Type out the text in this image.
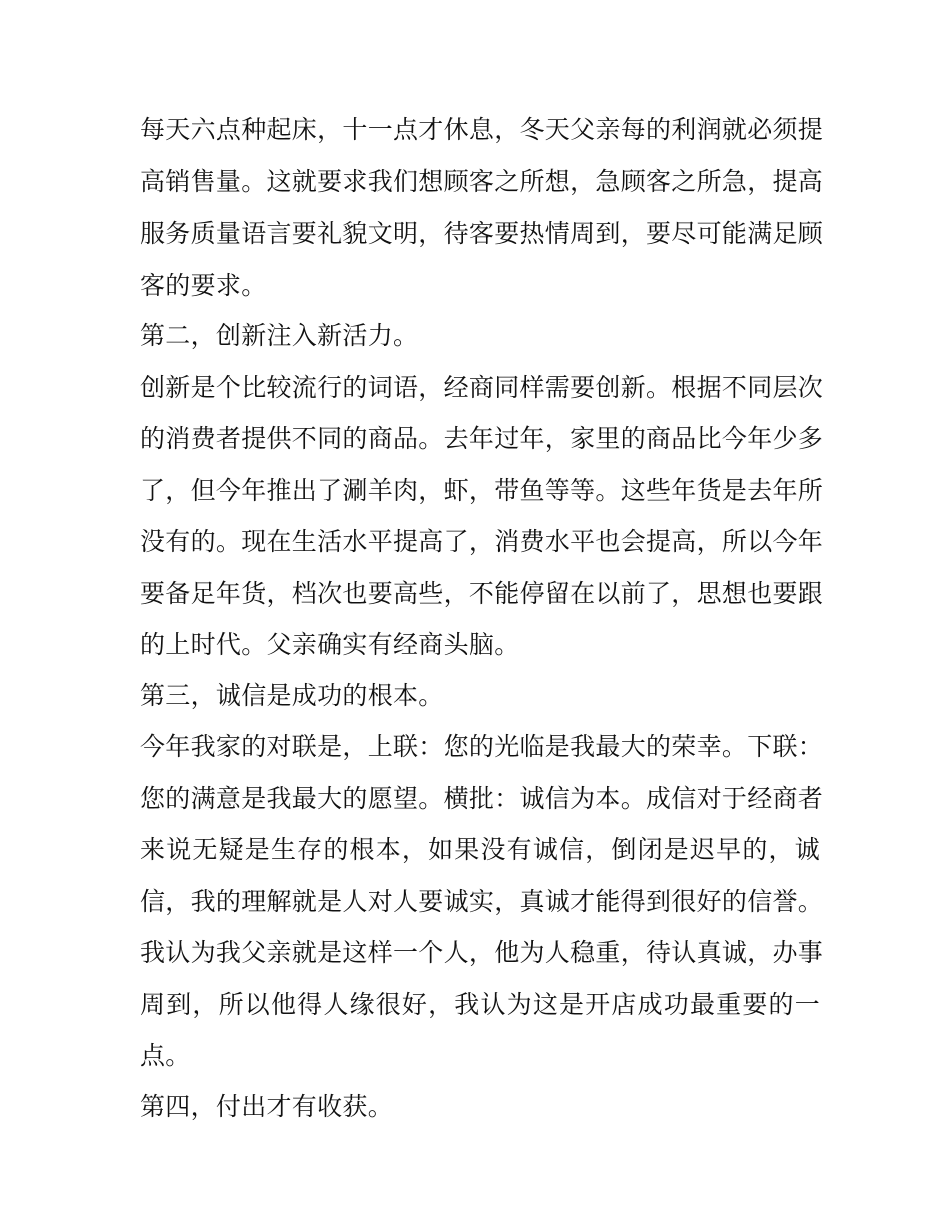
每天六点种起床，十一点才休息，冬天父亲每的利润就必须提
高销售量。这就要求我们想顾客之所想，急顾客之所急，提高
服务质量语言要礼貌文明，待客要热情周到，要尽可能满足顾
客的要求。
第二，创新注入新活力。
创新是个比较流行的词语，经商同样需要创新。根据不同层次
的消费者提供不同的商品。去年过年，家里的商品比今年少多
了，但今年推出了涮羊肉，虾，带鱼等等。这些年货是去年所
没有的。现在生活水平提高了，消费水平也会提高，所以今年
要备足年货，档次也要高些，不能停留在以前了，思想也要跟
的上时代。父亲确实有经商头脑。
第三，诚信是成功的根本。
今年我家的对联是，上联：您的光临是我最大的荣幸。下联：
您的满意是我最大的愿望。横批：诚信为本。成信对于经商者
来说无疑是生存的根本，如果没有诚信，倒闭是迟早的，诚
信，我的理解就是人对人要诚实，真诚才能得到很好的信誉。
我认为我父亲就是这样一个人，他为人稳重，待认真诚，办事
周到，所以他得人缘很好，我认为这是开店成功最重要的一
点。
第四，付出才有收获。
